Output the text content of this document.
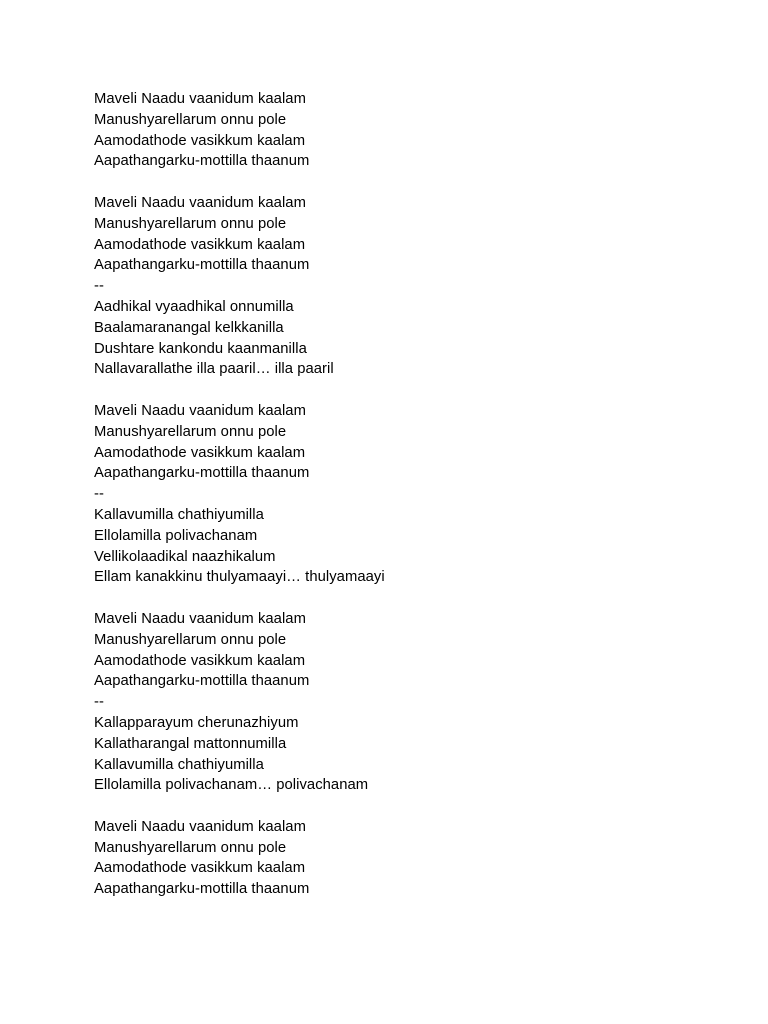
Maveli Naadu vaanidum kaalam
Manushyarellarum onnu pole
Aamodathode vasikkum kaalam
Aapathangarku-mottilla thaanum
Maveli Naadu vaanidum kaalam
Manushyarellarum onnu pole
Aamodathode vasikkum kaalam
Aapathangarku-mottilla thaanum
--
Aadhikal vyaadhikal onnumilla
Baalamaranangal kelkkanilla
Dushtare kankondu kaanmanilla
Nallavarallathe illa paaril… illa paaril
Maveli Naadu vaanidum kaalam
Manushyarellarum onnu pole
Aamodathode vasikkum kaalam
Aapathangarku-mottilla thaanum
--
Kallavumilla chathiyumilla
Ellolamilla polivachanam
Vellikolaadikal naazhikalum
Ellam kanakkinu thulyamaayi… thulyamaayi
Maveli Naadu vaanidum kaalam
Manushyarellarum onnu pole
Aamodathode vasikkum kaalam
Aapathangarku-mottilla thaanum
--
Kallapparayum cherunazhiyum
Kallatharangal mattonnumilla
Kallavumilla chathiyumilla
Ellolamilla polivachanam… polivachanam
Maveli Naadu vaanidum kaalam
Manushyarellarum onnu pole
Aamodathode vasikkum kaalam
Aapathangarku-mottilla thaanum
